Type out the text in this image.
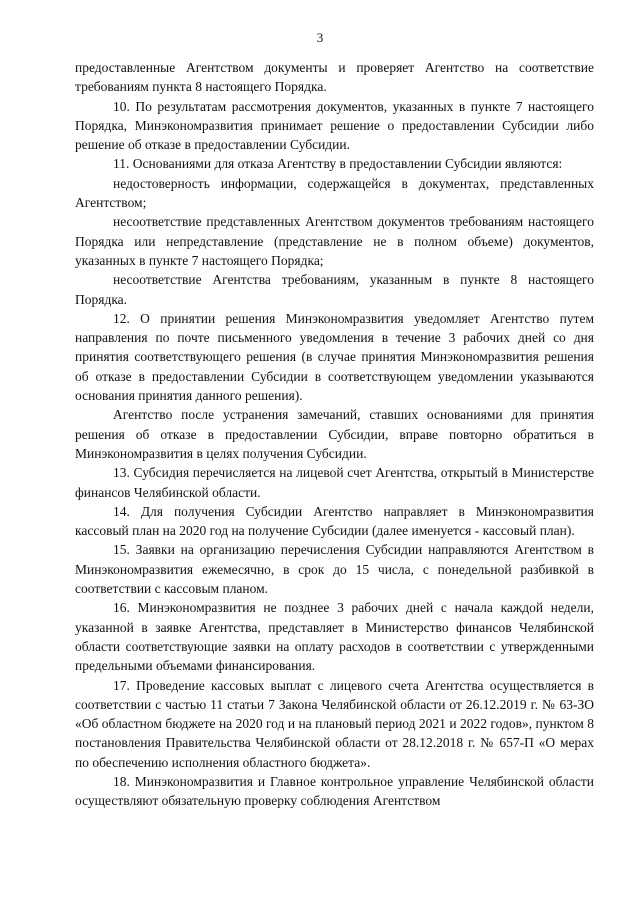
3

предоставленные Агентством документы и проверяет Агентство на соответствие требованиям пункта 8 настоящего Порядка.

10. По результатам рассмотрения документов, указанных в пункте 7 настоящего Порядка, Минэкономразвития принимает решение о предоставлении Субсидии либо решение об отказе в предоставлении Субсидии.

11. Основаниями для отказа Агентству в предоставлении Субсидии являются:

недостоверность информации, содержащейся в документах, представленных Агентством;

несоответствие представленных Агентством документов требованиям настоящего Порядка или непредставление (представление не в полном объеме) документов, указанных в пункте 7 настоящего Порядка;

несоответствие Агентства требованиям, указанным в пункте 8 настоящего Порядка.

12. О принятии решения Минэкономразвития уведомляет Агентство путем направления по почте письменного уведомления в течение 3 рабочих дней со дня принятия соответствующего решения (в случае принятия Минэкономразвития решения об отказе в предоставлении Субсидии в соответствующем уведомлении указываются основания принятия данного решения).

Агентство после устранения замечаний, ставших основаниями для принятия решения об отказе в предоставлении Субсидии, вправе повторно обратиться в Минэкономразвития в целях получения Субсидии.

13. Субсидия перечисляется на лицевой счет Агентства, открытый в Министерстве финансов Челябинской области.

14. Для получения Субсидии Агентство направляет в Минэкономразвития кассовый план на 2020 год на получение Субсидии (далее именуется - кассовый план).

15. Заявки на организацию перечисления Субсидии направляются Агентством в Минэкономразвития ежемесячно, в срок до 15 числа, с понедельной разбивкой в соответствии с кассовым планом.

16. Минэкономразвития не позднее 3 рабочих дней с начала каждой недели, указанной в заявке Агентства, представляет в Министерство финансов Челябинской области соответствующие заявки на оплату расходов в соответствии с утвержденными предельными объемами финансирования.

17. Проведение кассовых выплат с лицевого счета Агентства осуществляется в соответствии с частью 11 статьи 7 Закона Челябинской области от 26.12.2019 г. № 63-ЗО «Об областном бюджете на 2020 год и на плановый период 2021 и 2022 годов», пунктом 8 постановления Правительства Челябинской области от 28.12.2018 г. № 657-П «О мерах по обеспечению исполнения областного бюджета».

18. Минэкономразвития и Главное контрольное управление Челябинской области осуществляют обязательную проверку соблюдения Агентством
